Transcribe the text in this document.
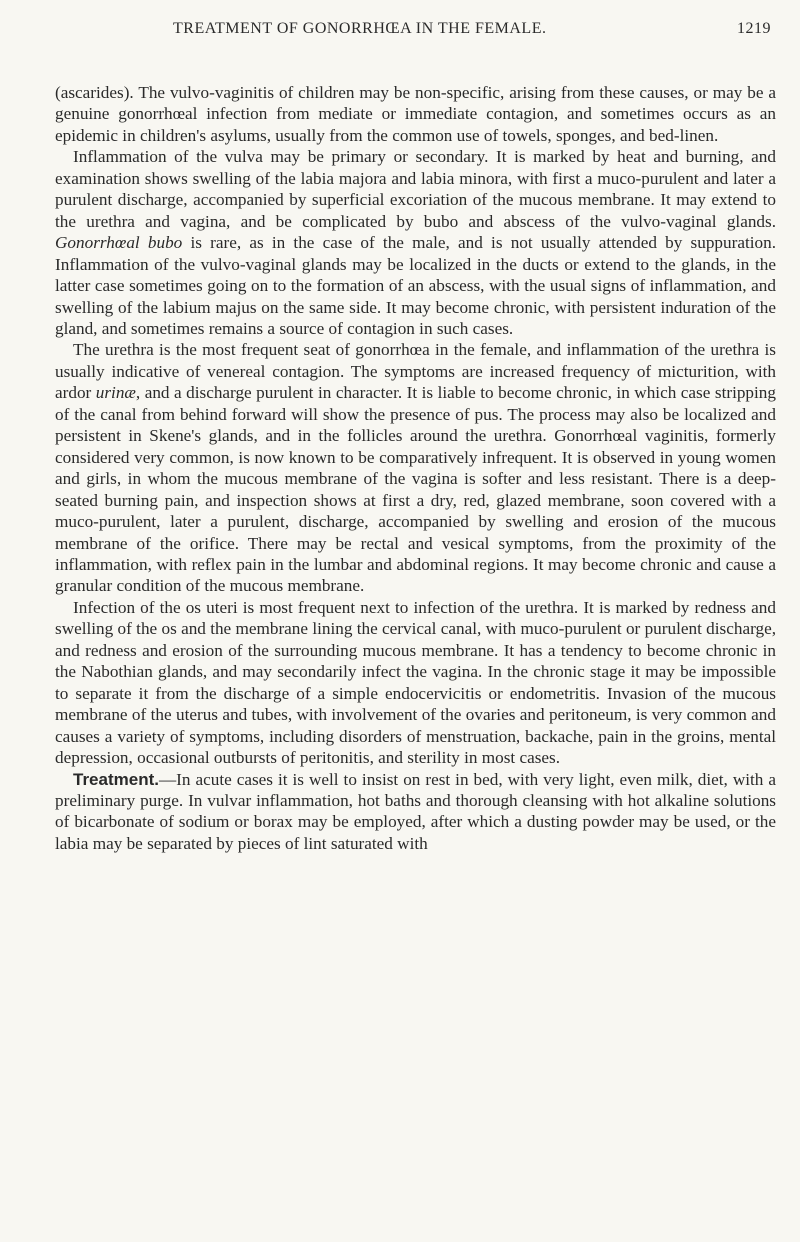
TREATMENT OF GONORRHŒA IN THE FEMALE.	1219

(ascarides). The vulvo-vaginitis of children may be non-specific, arising from these causes, or may be a genuine gonorrhœal infection from mediate or immediate contagion, and sometimes occurs as an epidemic in children's asylums, usually from the common use of towels, sponges, and bed-linen.

Inflammation of the vulva may be primary or secondary. It is marked by heat and burning, and examination shows swelling of the labia majora and labia minora, with first a muco-purulent and later a purulent discharge, accompanied by superficial excoriation of the mucous membrane. It may extend to the urethra and vagina, and be complicated by bubo and abscess of the vulvo-vaginal glands. Gonorrhœal bubo is rare, as in the case of the male, and is not usually attended by suppuration. Inflammation of the vulvo-vaginal glands may be localized in the ducts or extend to the glands, in the latter case sometimes going on to the formation of an abscess, with the usual signs of inflammation, and swelling of the labium majus on the same side. It may become chronic, with persistent induration of the gland, and sometimes remains a source of contagion in such cases.

The urethra is the most frequent seat of gonorrhœa in the female, and inflammation of the urethra is usually indicative of venereal contagion. The symptoms are increased frequency of micturition, with ardor urinæ, and a discharge purulent in character. It is liable to become chronic, in which case stripping of the canal from behind forward will show the presence of pus. The process may also be localized and persistent in Skene's glands, and in the follicles around the urethra. Gonorrhœal vaginitis, formerly considered very common, is now known to be comparatively infrequent. It is observed in young women and girls, in whom the mucous membrane of the vagina is softer and less resistant. There is a deep-seated burning pain, and inspection shows at first a dry, red, glazed membrane, soon covered with a muco-purulent, later a purulent, discharge, accompanied by swelling and erosion of the mucous membrane of the orifice. There may be rectal and vesical symptoms, from the proximity of the inflammation, with reflex pain in the lumbar and abdominal regions. It may become chronic and cause a granular condition of the mucous membrane.

Infection of the os uteri is most frequent next to infection of the urethra. It is marked by redness and swelling of the os and the membrane lining the cervical canal, with muco-purulent or purulent discharge, and redness and erosion of the surrounding mucous membrane. It has a tendency to become chronic in the Nabothian glands, and may secondarily infect the vagina. In the chronic stage it may be impossible to separate it from the discharge of a simple endocervicitis or endometritis. Invasion of the mucous membrane of the uterus and tubes, with involvement of the ovaries and peritoneum, is very common and causes a variety of symptoms, including disorders of menstruation, backache, pain in the groins, mental depression, occasional outbursts of peritonitis, and sterility in most cases.

Treatment.—In acute cases it is well to insist on rest in bed, with very light, even milk, diet, with a preliminary purge. In vulvar inflammation, hot baths and thorough cleansing with hot alkaline solutions of bicarbonate of sodium or borax may be employed, after which a dusting powder may be used, or the labia may be separated by pieces of lint saturated with
